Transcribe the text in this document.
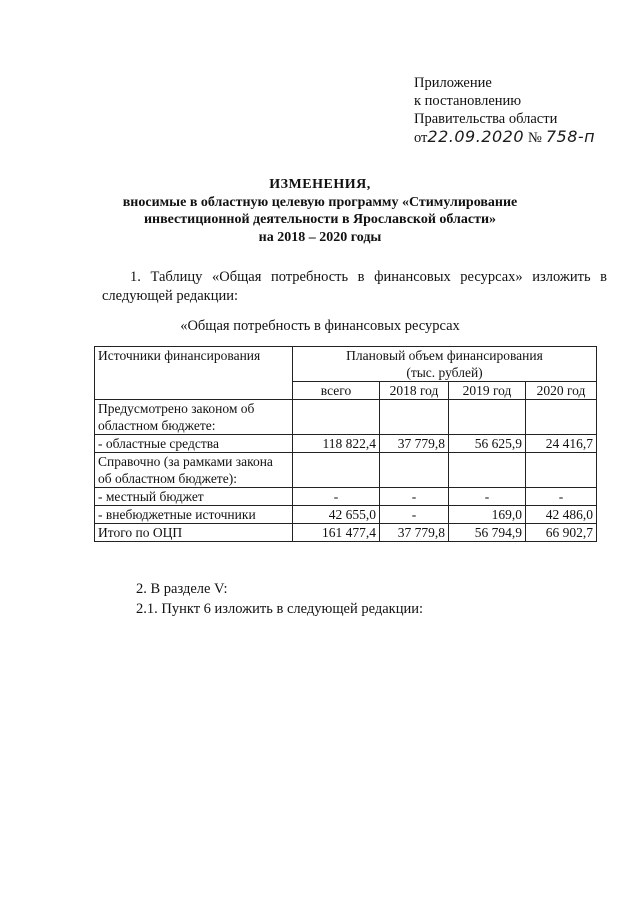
Приложение
к постановлению
Правительства области
от22.09.2020 № 758-п
ИЗМЕНЕНИЯ,
вносимые в областную целевую программу «Стимулирование
инвестиционной деятельности в Ярославской области»
на 2018 – 2020 годы
1. Таблицу «Общая потребность в финансовых ресурсах» изложить в следующей редакции:
«Общая потребность в финансовых ресурсах
Источники финансирования	Плановый объем финансирования
(тыс. рублей)			

	всего	2018 год	2019 год	2020 год
Предусмотрено законом об областном бюджете:				
- областные средства	118 822,4	37 779,8	56 625,9	24 416,7
Справочно (за рамками закона об областном бюджете):				
- местный бюджет	-	-	-	-
- внебюджетные источники	42 655,0	-	169,0	42 486,0
Итого по ОЦП	161 477,4	37 779,8	56 794,9	66 902,7
2. В разделе V:
2.1. Пункт 6 изложить в следующей редакции:
